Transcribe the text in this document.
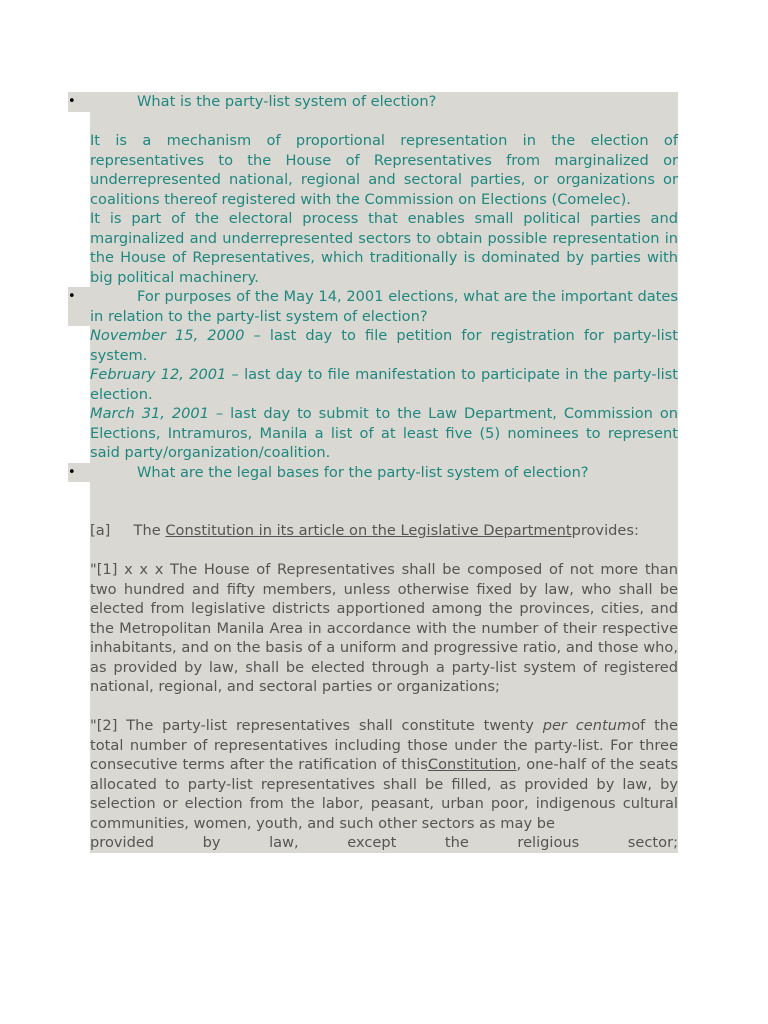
•	What is the party-list system of election?
It is a mechanism of proportional representation in the election of representatives to the House of Representatives from marginalized or underrepresented national, regional and sectoral parties, or organizations or coalitions thereof registered with the Commission on Elections (Comelec).
It is part of the electoral process that enables small political parties and marginalized and underrepresented sectors to obtain possible representation in the House of Representatives, which traditionally is dominated by parties with big political machinery.
•	For purposes of the May 14, 2001 elections, what are the important dates in relation to the party-list system of election?
November 15, 2000 – last day to file petition for registration for party-list system.
February 12, 2001 – last day to file manifestation to participate in the party-list election.
March 31, 2001 – last day to submit to the Law Department, Commission on Elections, Intramuros, Manila a list of at least five (5) nominees to represent said party/organization/coalition.
•	What are the legal bases for the party-list system of election?
[a] The Constitution in its article on the Legislative Departmentprovides:
"[1] x x x The House of Representatives shall be composed of not more than two hundred and fifty members, unless otherwise fixed by law, who shall be elected from legislative districts apportioned among the provinces, cities, and the Metropolitan Manila Area in accordance with the number of their respective inhabitants, and on the basis of a uniform and progressive ratio, and those who, as provided by law, shall be elected through a party-list system of registered national, regional, and sectoral parties or organizations;
"[2] The party-list representatives shall constitute twenty per centumof the total number of representatives including those under the party-list. For three consecutive terms after the ratification of thisConstitution, one-half of the seats allocated to party-list representatives shall be filled, as provided by law, by selection or election from the labor, peasant, urban poor, indigenous cultural communities, women, youth, and such other sectors as may be
provided by law, except the religious sector;
